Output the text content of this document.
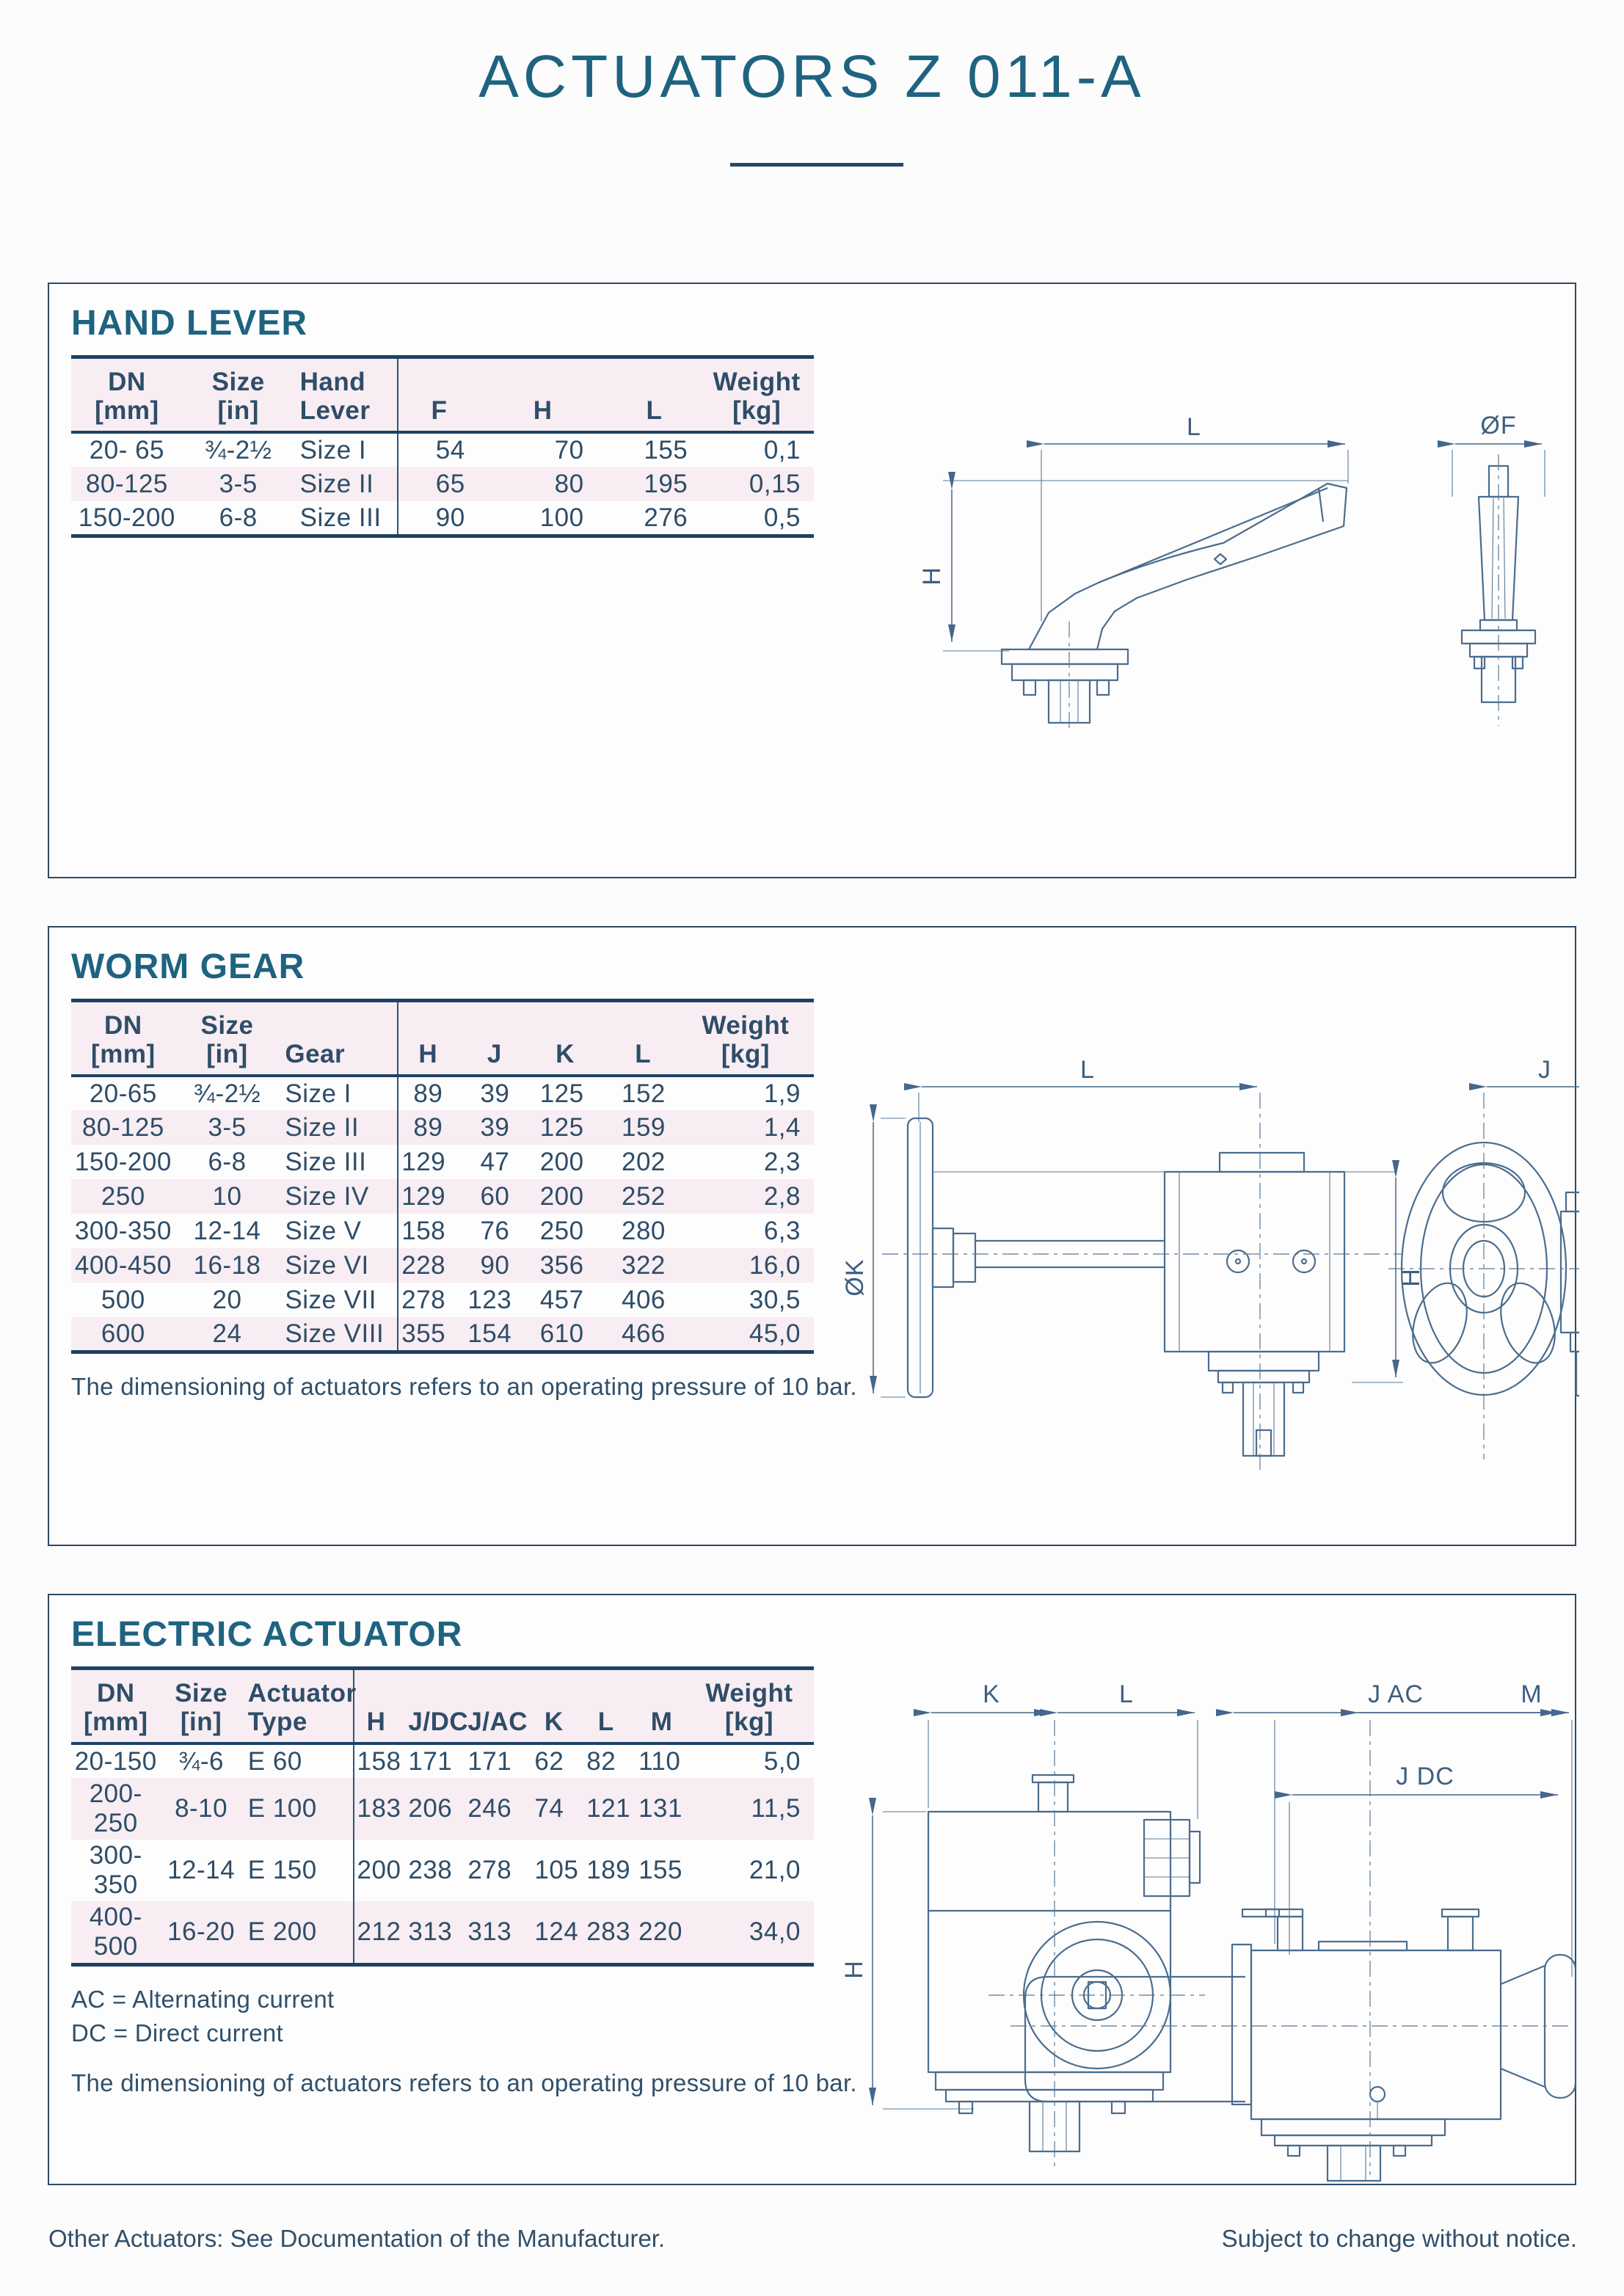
ACTUATORS Z 011-A
HAND LEVER
DN
[mm]

Size
[in]

Hand
Lever	F	H	L

Weight
[kg]

20- 65	¾-2½	Size I	54	70	155	0,1
80-125	3-5	Size II	65	80	195	0,15
150-200	6-8	Size III	90	100	276	0,5
H
L	ØF
WORM GEAR
DN
[mm]

Size
[in]	Gear	H	J	K	L

Weight
[kg]

20-65	¾-2½	Size I	89	39	125	152	1,9
80-125	3-5	Size II	89	39	125	159	1,4
150-200	6-8	Size III	129	47	200	202	2,3
250	10	Size IV	129	60	200	252	2,8
300-350	12-14	Size V	158	76	250	280	6,3
400-450	16-18	Size VI	228	90	356	322	16,0
500	20	Size VII	278	123	457	406	30,5
600	24	Size VIII	355	154	610	466	45,0

The dimensioning of actuators refers to an operating pressure of 10 bar.

L
ØK	H
J
ELECTRIC ACTUATOR
DN
[mm]

Size
[in]

Actuator
Type	H	J/DC	J/AC	K	L	M

Weight
[kg]

20-150	¾-6	E 60	158	171	171	62	82	110	5,0
200-250	8-10	E 100	183	206	246	74	121	131	11,5
300-350	12-14	E 150	200	238	278	105	189	155	21,0
400-500	16-20	E 200	212	313	313	124	283	220	34,0

AC = Alternating current

DC = Direct current

The dimensioning of actuators refers to an operating pressure of 10 bar.

K	L
H
J AC	M
J DC
Other Actuators: See Documentation of the Manufacturer.	Subject to change without notice.
